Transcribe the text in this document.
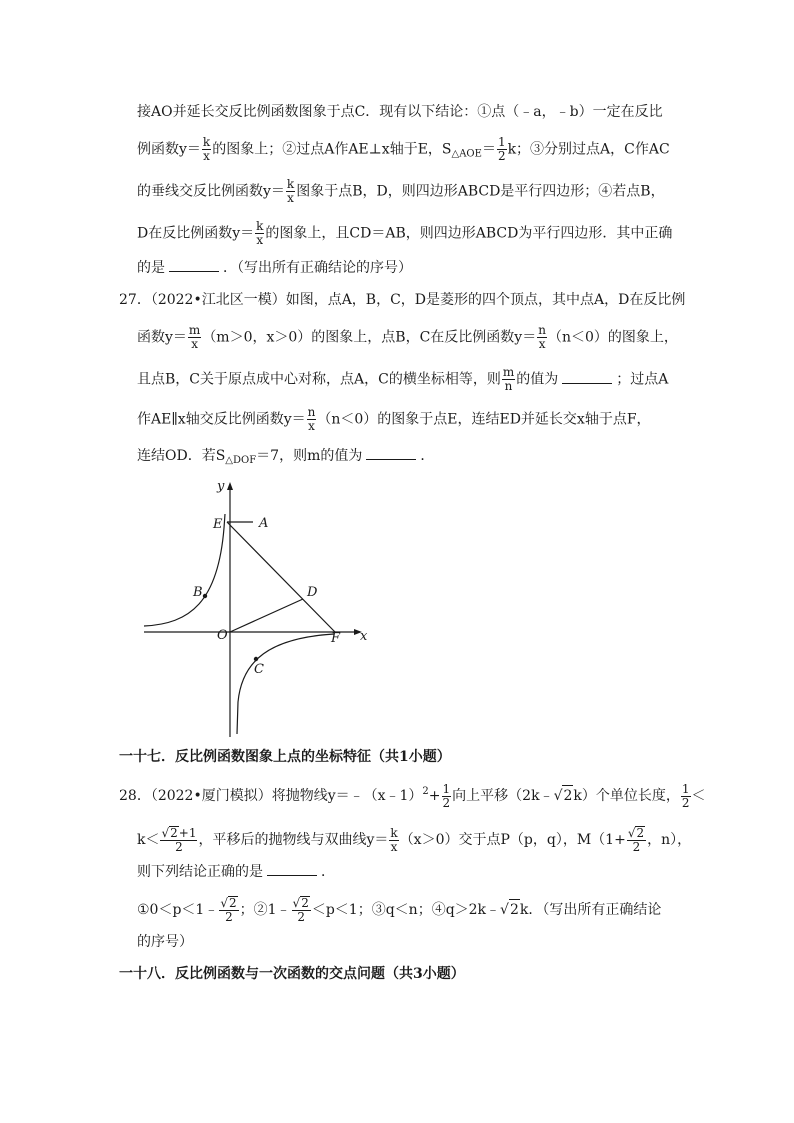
接AO并延长交反比例函数图象于点C．现有以下结论：①点（﹣a，﹣b）一定在反比
例函数$y= \frac{k}{x}$ 的图象上；②过点A作AE⊥x轴于E，$S_{\triangle AOE}= \frac{1}{2}$ k；③分别过点A，C作AC
的垂线交反比例函数$y= \frac{k}{x}$ 图象于点B，D，则四边形ABCD是平行四边形；④若点B，
D在反比例函数$y= \frac{k}{x}$ 的图象上，且CD＝AB，则四边形ABCD为平行四边形．其中正确
的是	．（写出所有正确结论的序号）
27．（2022•江北区一模）如图，点A，B，C，D是菱形的四个顶点，其中点A，D在反比例
函数$y= \frac{m}{x} (m>0$，x＞0）的图象上，点B，C在反比例函数$y= \frac{n}{x} (n<0)$的图象上，
且点B，C关于原点成中心对称，点A，C的横坐标相等，则 $\frac{m}{n}$ 的值为	；过点A
作AE∥x轴交反比例函数$y= \frac{n}{x} (n<0)$的图象于点E，连结ED并延长交x轴于点F，
连结OD．若$S_{\triangle DOF}=7$，则m的值为	．
y
x
E	A
B	D
O	F
C
一十七．反比例函数图象上点的坐标特征（共1小题）
28．（2022•厦门模拟）将抛物线y＝﹣（x﹣1）$^2$+ $\frac{1}{2}$ 向上平移（2k﹣√2k）个单位长度， $\frac{1}{2}$ ＜
$k< \frac{√2+1}{2}$ ，平移后的抛物线与双曲线$y= \frac{k}{x} (x>0)$交于点P（p，q），$M(1+ \frac{√2}{2}$ ，n），
则下列结论正确的是	．
①0＜p＜1﹣ $\frac{√2}{2}$ ；②1﹣ $\frac{√2}{2} <p<1$；③q＜n；④q＞2k﹣√2k．（写出所有正确结论
的序号）
一十八．反比例函数与一次函数的交点问题（共3小题）
